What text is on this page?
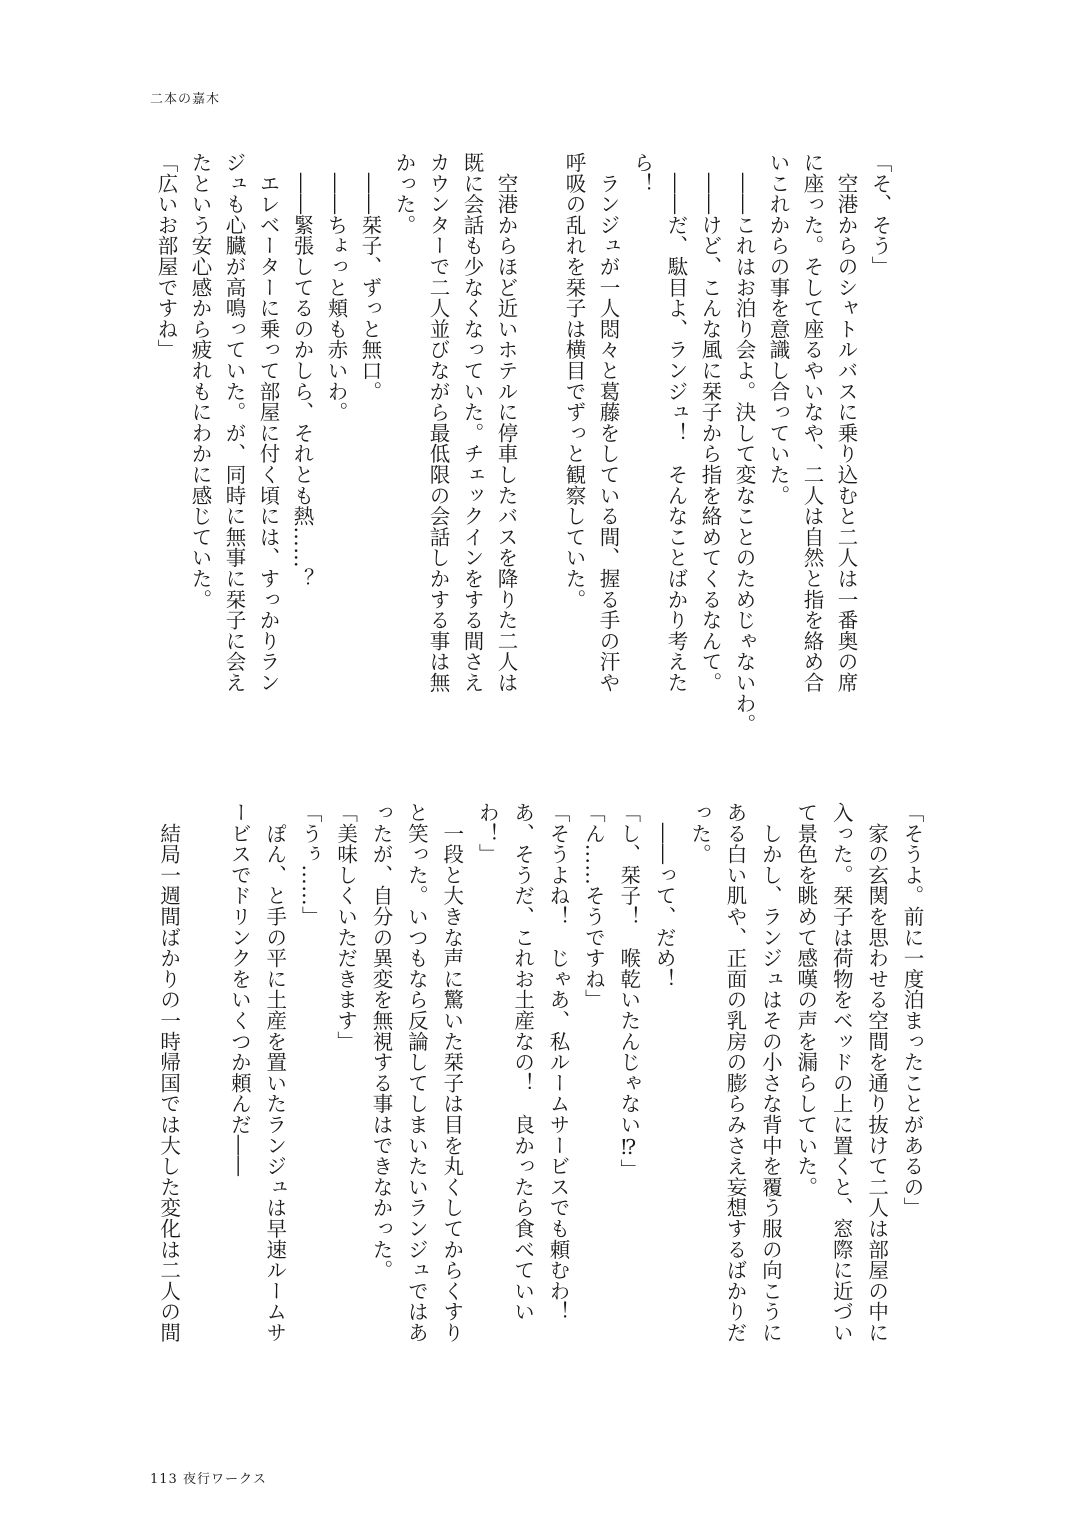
二本の嘉木
「そ、そう」
　空港からのシャトルバスに乗り込むと二人は一番奥の席
に座った。そして座るやいなや、二人は自然と指を絡め合
いこれからの事を意識し合っていた。
　――これはお泊り会よ。決して変なことのためじゃないわ。
　――けど、こんな風に栞子から指を絡めてくるなんて。
　――だ、駄目よ、ランジュ！　そんなことばかり考えた
ら！
　ランジュが一人悶々と葛藤をしている間、握る手の汗や
呼吸の乱れを栞子は横目でずっと観察していた。

　空港からほど近いホテルに停車したバスを降りた二人は
既に会話も少なくなっていた。チェックインをする間さえ
カウンターで二人並びながら最低限の会話しかする事は無
かった。
　――栞子、ずっと無口。
　――ちょっと頬も赤いわ。
　――緊張してるのかしら、それとも熱……？
　エレベーターに乗って部屋に付く頃には、すっかりラン
ジュも心臓が高鳴っていた。が、同時に無事に栞子に会え
たという安心感から疲れもにわかに感じていた。
「広いお部屋ですね」
「そうよ。前に一度泊まったことがあるの」
　家の玄関を思わせる空間を通り抜けて二人は部屋の中に
入った。栞子は荷物をベッドの上に置くと、窓際に近づい
て景色を眺めて感嘆の声を漏らしていた。
　しかし、ランジュはその小さな背中を覆う服の向こうに
ある白い肌や、正面の乳房の膨らみさえ妄想するばかりだ
った。
　――って、だめ！
「し、栞子！　喉乾いたんじゃない⁉」
「ん……そうですね」
「そうよね！　じゃあ、私ルームサービスでも頼むわ！
あ、そうだ、これお土産なの！　良かったら食べていい
わ！」
　一段と大きな声に驚いた栞子は目を丸くしてからくすり
と笑った。いつもなら反論してしまいたいランジュではあ
ったが、自分の異変を無視する事はできなかった。
「美味しくいただきます」
「うぅ……」
　ぽん、と手の平に土産を置いたランジュは早速ルームサ
ービスでドリンクをいくつか頼んだ――

　結局一週間ばかりの一時帰国では大した変化は二人の間
113 夜行ワークス
